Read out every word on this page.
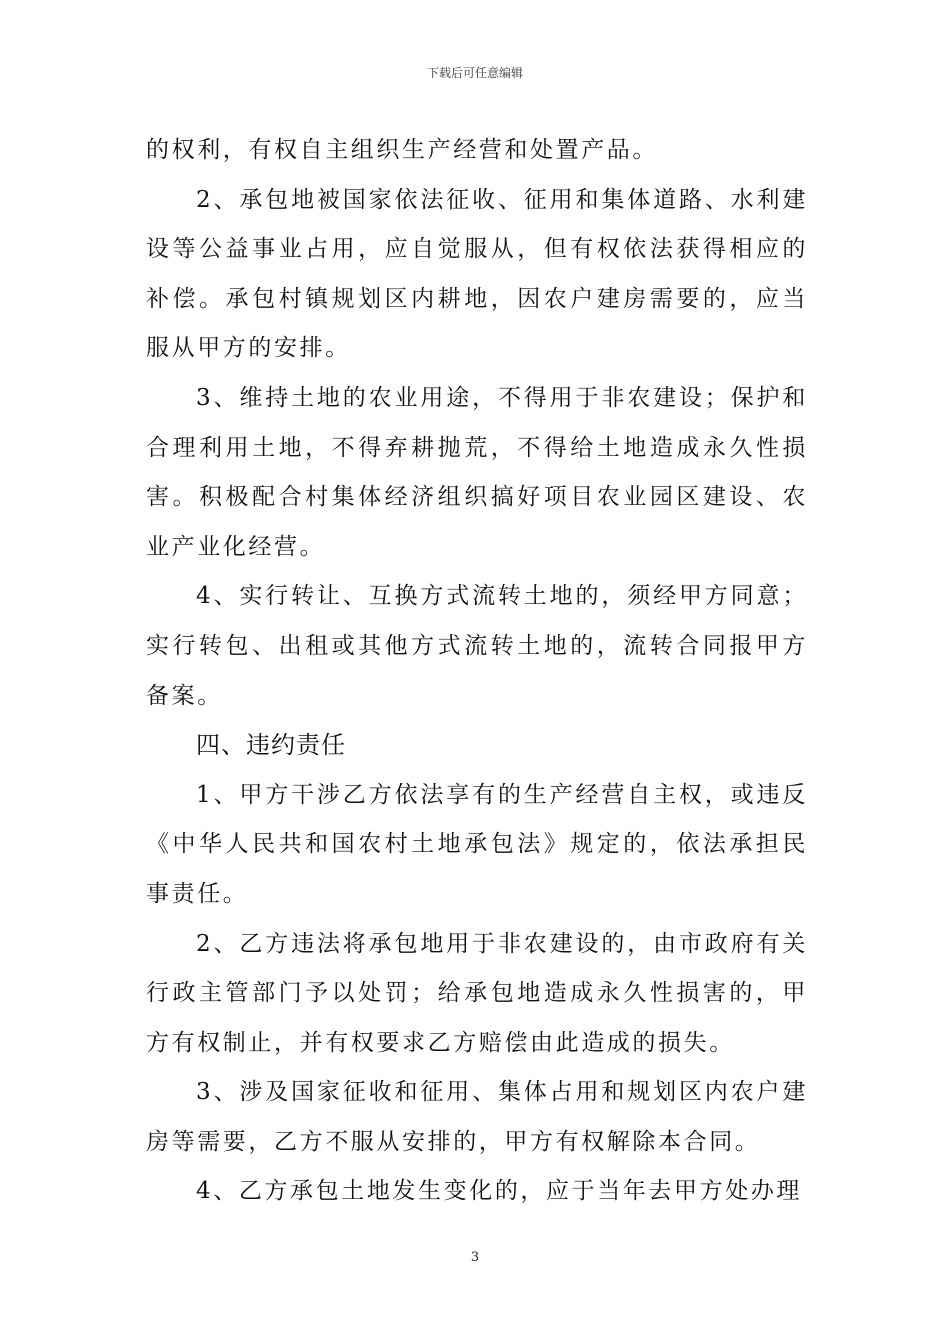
下载后可任意编辑

的权利，有权自主组织生产经营和处置产品。

2、承包地被国家依法征收、征用和集体道路、水利建设等公益事业占用，应自觉服从，但有权依法获得相应的补偿。承包村镇规划区内耕地，因农户建房需要的，应当服从甲方的安排。

3、维持土地的农业用途，不得用于非农建设；保护和合理利用土地，不得弃耕抛荒，不得给土地造成永久性损害。积极配合村集体经济组织搞好项目农业园区建设、农业产业化经营。

4、实行转让、互换方式流转土地的，须经甲方同意；实行转包、出租或其他方式流转土地的，流转合同报甲方备案。

四、违约责任

1、甲方干涉乙方依法享有的生产经营自主权，或违反《中华人民共和国农村土地承包法》规定的，依法承担民事责任。

2、乙方违法将承包地用于非农建设的，由市政府有关行政主管部门予以处罚；给承包地造成永久性损害的，甲方有权制止，并有权要求乙方赔偿由此造成的损失。

3、涉及国家征收和征用、集体占用和规划区内农户建房等需要，乙方不服从安排的，甲方有权解除本合同。

4、乙方承包土地发生变化的，应于当年去甲方处办理

3
